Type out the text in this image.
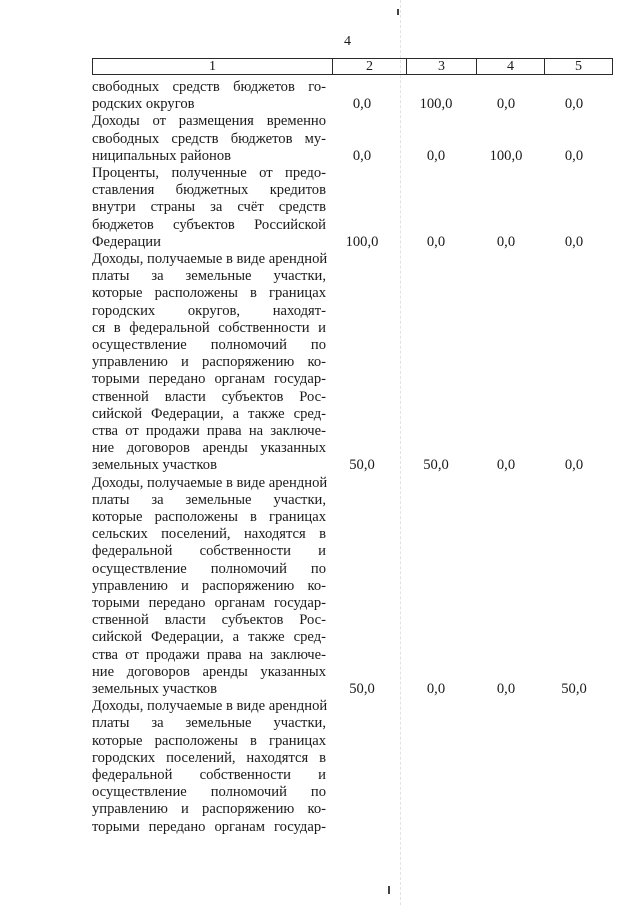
4
1	2	3	4	5
свободных средств бюджетов го-
родских округов	0,0	100,0	0,0	0,0
Доходы от размещения временно
свободных средств бюджетов му-
ниципальных районов	0,0	0,0	100,0	0,0
Проценты, полученные от предо-
ставления бюджетных кредитов
внутри страны за счёт средств
бюджетов субъектов Российской
Федерации	100,0	0,0	0,0	0,0
Доходы, получаемые в виде арендной
платы за земельные участки,
которые расположены в границах
городских округов, находят-
ся в федеральной собственности и
осуществление полномочий по
управлению и распоряжению ко-
торыми передано органам государ-
ственной власти субъектов Рос-
сийской Федерации, а также сред-
ства от продажи права на заключе-
ние договоров аренды указанных
земельных участков	50,0	50,0	0,0	0,0
Доходы, получаемые в виде арендной
платы за земельные участки,
которые расположены в границах
сельских поселений, находятся в
федеральной собственности и
осуществление полномочий по
управлению и распоряжению ко-
торыми передано органам государ-
ственной власти субъектов Рос-
сийской Федерации, а также сред-
ства от продажи права на заключе-
ние договоров аренды указанных
земельных участков	50,0	0,0	0,0	50,0
Доходы, получаемые в виде арендной
платы за земельные участки,
которые расположены в границах
городских поселений, находятся в
федеральной собственности и
осуществление полномочий по
управлению и распоряжению ко-
торыми передано органам государ-
